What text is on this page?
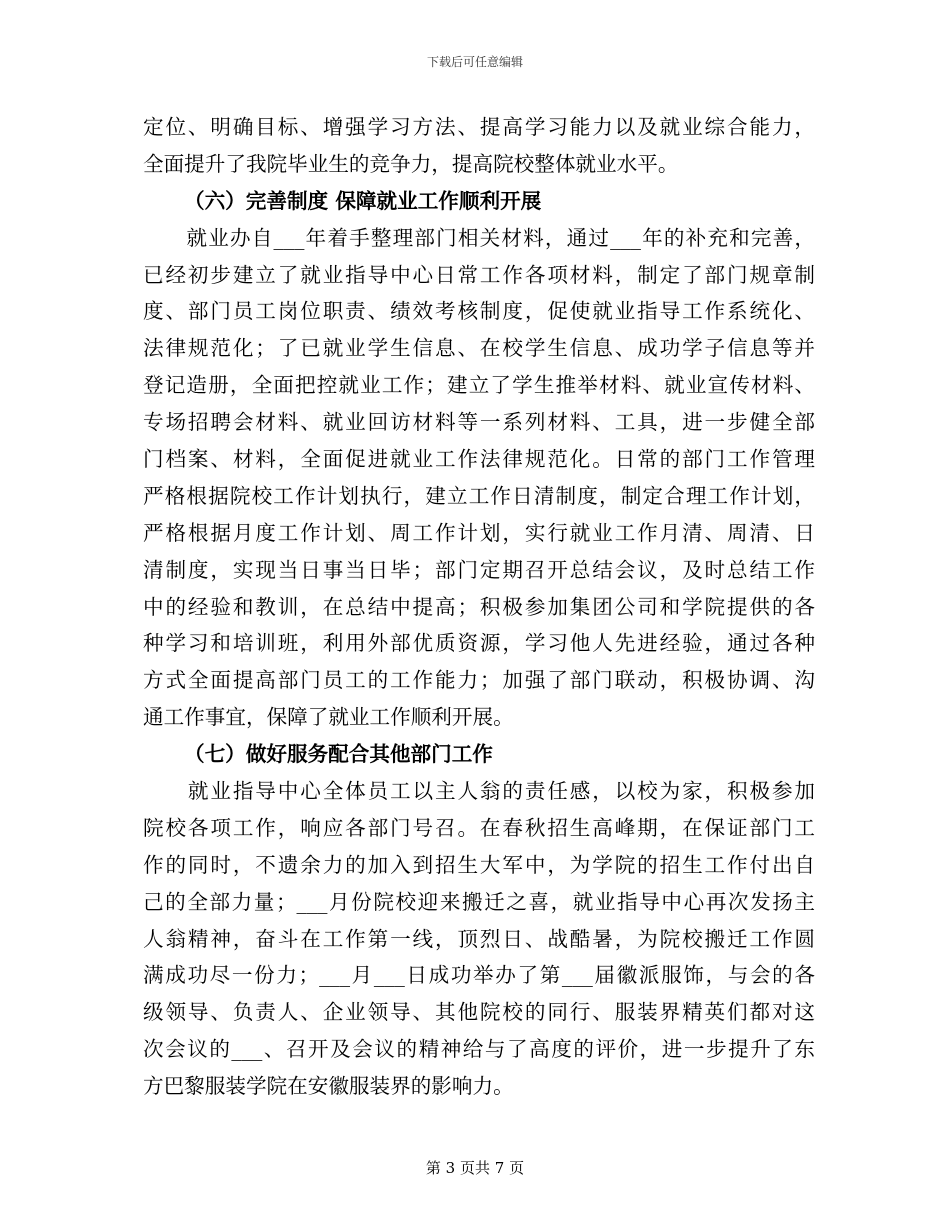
下载后可任意编辑
定位、明确目标、增强学习方法、提高学习能力以及就业综合能力，
全面提升了我院毕业生的竞争力，提高院校整体就业水平。
（六）完善制度 保障就业工作顺利开展
　　就业办自___年着手整理部门相关材料，通过___年的补充和完善，
已经初步建立了就业指导中心日常工作各项材料，制定了部门规章制
度、部门员工岗位职责、绩效考核制度，促使就业指导工作系统化、
法律规范化；了已就业学生信息、在校学生信息、成功学子信息等并
登记造册，全面把控就业工作；建立了学生推举材料、就业宣传材料、
专场招聘会材料、就业回访材料等一系列材料、工具，进一步健全部
门档案、材料，全面促进就业工作法律规范化。日常的部门工作管理
严格根据院校工作计划执行，建立工作日清制度，制定合理工作计划，
严格根据月度工作计划、周工作计划，实行就业工作月清、周清、日
清制度，实现当日事当日毕；部门定期召开总结会议，及时总结工作
中的经验和教训，在总结中提高；积极参加集团公司和学院提供的各
种学习和培训班，利用外部优质资源，学习他人先进经验，通过各种
方式全面提高部门员工的工作能力；加强了部门联动，积极协调、沟
通工作事宜，保障了就业工作顺利开展。
（七）做好服务配合其他部门工作
　　就业指导中心全体员工以主人翁的责任感，以校为家，积极参加
院校各项工作，响应各部门号召。在春秋招生高峰期，在保证部门工
作的同时，不遗余力的加入到招生大军中，为学院的招生工作付出自
己的全部力量；___月份院校迎来搬迁之喜，就业指导中心再次发扬主
人翁精神，奋斗在工作第一线，顶烈日、战酷暑，为院校搬迁工作圆
满成功尽一份力；___月___日成功举办了第___届徽派服饰，与会的各
级领导、负责人、企业领导、其他院校的同行、服装界精英们都对这
次会议的___、召开及会议的精神给与了高度的评价，进一步提升了东
方巴黎服装学院在安徽服装界的影响力。
第 3 页共 7 页
